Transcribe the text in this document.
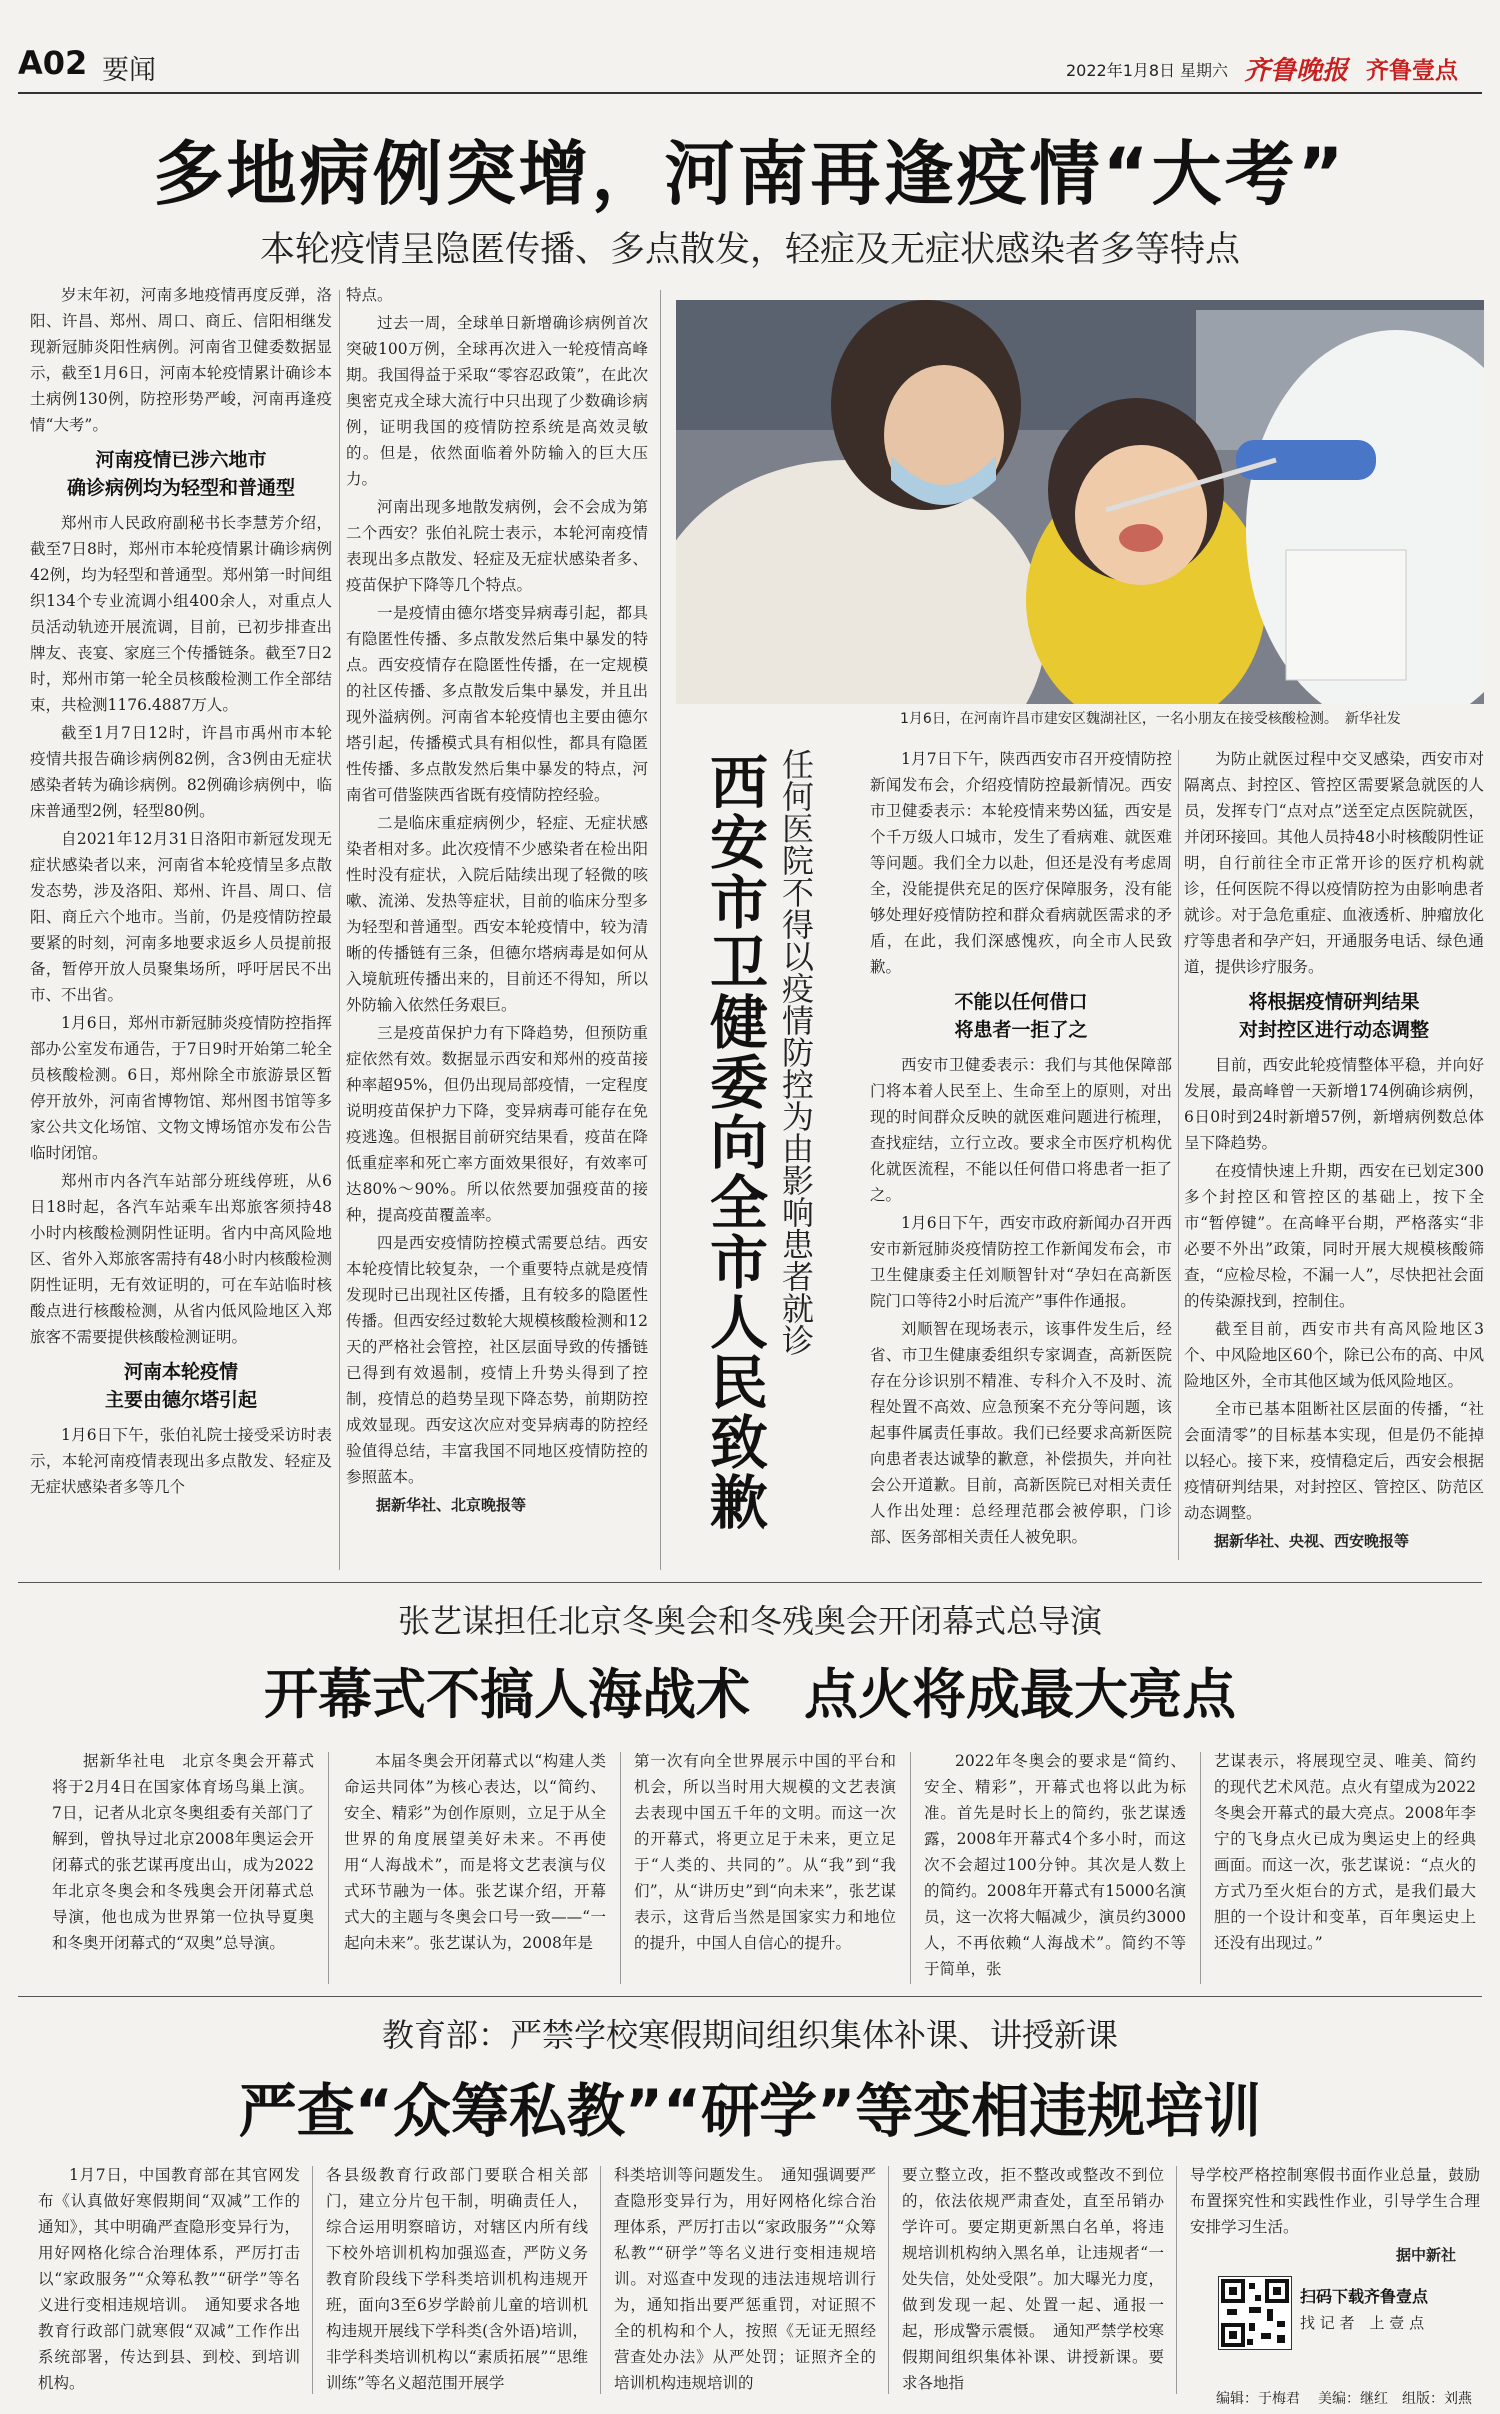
A02 要闻	2022年1月8日 星期六 齐鲁晚报 齐鲁壹点
多地病例突增，河南再逢疫情“大考”
本轮疫情呈隐匿传播、多点散发，轻症及无症状感染者多等特点

岁末年初，河南多地疫情再度反弹，洛阳、许昌、郑州、周口、商丘、信阳相继发现新冠肺炎阳性病例。河南省卫健委数据显示，截至1月6日，河南本轮疫情累计确诊本土病例130例，防控形势严峻，河南再逢疫情“大考”。

河南疫情已涉六地市
确诊病例均为轻型和普通型

郑州市人民政府副秘书长李慧芳介绍，截至7日8时，郑州市本轮疫情累计确诊病例42例，均为轻型和普通型。郑州第一时间组织134个专业流调小组400余人，对重点人员活动轨迹开展流调，目前，已初步排查出牌友、丧宴、家庭三个传播链条。截至7日2时，郑州市第一轮全员核酸检测工作全部结束，共检测1176.4887万人。

截至1月7日12时，许昌市禹州市本轮疫情共报告确诊病例82例，含3例由无症状感染者转为确诊病例。82例确诊病例中，临床普通型2例，轻型80例。

自2021年12月31日洛阳市新冠发现无症状感染者以来，河南省本轮疫情呈多点散发态势，涉及洛阳、郑州、许昌、周口、信阳、商丘六个地市。当前，仍是疫情防控最要紧的时刻，河南多地要求返乡人员提前报备，暂停开放人员聚集场所，呼吁居民不出市、不出省。

1月6日，郑州市新冠肺炎疫情防控指挥部办公室发布通告，于7日9时开始第二轮全员核酸检测。6日，郑州除全市旅游景区暂停开放外，河南省博物馆、郑州图书馆等多家公共文化场馆、文物文博场馆亦发布公告临时闭馆。

郑州市内各汽车站部分班线停班，从6日18时起，各汽车站乘车出郑旅客须持48小时内核酸检测阴性证明。省内中高风险地区、省外入郑旅客需持有48小时内核酸检测阴性证明，无有效证明的，可在车站临时核酸点进行核酸检测，从省内低风险地区入郑旅客不需要提供核酸检测证明。

河南本轮疫情
主要由德尔塔引起

1月6日下午，张伯礼院士接受采访时表示，本轮河南疫情表现出多点散发、轻症及无症状感染者多等几个

特点。

过去一周，全球单日新增确诊病例首次突破100万例，全球再次进入一轮疫情高峰期。我国得益于采取“零容忍政策”，在此次奥密克戎全球大流行中只出现了少数确诊病例，证明我国的疫情防控系统是高效灵敏的。但是，依然面临着外防输入的巨大压力。

河南出现多地散发病例，会不会成为第二个西安？张伯礼院士表示，本轮河南疫情表现出多点散发、轻症及无症状感染者多、疫苗保护下降等几个特点。

一是疫情由德尔塔变异病毒引起，都具有隐匿性传播、多点散发然后集中暴发的特点。西安疫情存在隐匿性传播，在一定规模的社区传播、多点散发后集中暴发，并且出现外溢病例。河南省本轮疫情也主要由德尔塔引起，传播模式具有相似性，都具有隐匿性传播、多点散发然后集中暴发的特点，河南省可借鉴陕西省既有疫情防控经验。

二是临床重症病例少，轻症、无症状感染者相对多。此次疫情不少感染者在检出阳性时没有症状，入院后陆续出现了轻微的咳嗽、流涕、发热等症状，目前的临床分型多为轻型和普通型。西安本轮疫情中，较为清晰的传播链有三条，但德尔塔病毒是如何从入境航班传播出来的，目前还不得知，所以外防输入依然任务艰巨。

三是疫苗保护力有下降趋势，但预防重症依然有效。数据显示西安和郑州的疫苗接种率超95%，但仍出现局部疫情，一定程度说明疫苗保护力下降，变异病毒可能存在免疫逃逸。但根据目前研究结果看，疫苗在降低重症率和死亡率方面效果很好，有效率可达80%～90%。所以依然要加强疫苗的接种，提高疫苗覆盖率。

四是西安疫情防控模式需要总结。西安本轮疫情比较复杂，一个重要特点就是疫情发现时已出现社区传播，且有较多的隐匿性传播。但西安经过数轮大规模核酸检测和12天的严格社会管控，社区层面导致的传播链已得到有效遏制，疫情上升势头得到了控制，疫情总的趋势呈现下降态势，前期防控成效显现。西安这次应对变异病毒的防控经验值得总结，丰富我国不同地区疫情防控的参照蓝本。

据新华社、北京晚报等
1月6日，在河南许昌市建安区魏湖社区，一名小朋友在接受核酸检测。　新华社发
西安市卫健委向全市人民致歉 任何医院不得以疫情防控为由影响患者就诊	1月7日下午，陕西西安市召开疫情防控新闻发布会，介绍疫情防控最新情况。西安市卫健委表示：本轮疫情来势凶猛，西安是个千万级人口城市，发生了看病难、就医难等问题。我们全力以赴，但还是没有考虑周全，没能提供充足的医疗保障服务，没有能够处理好疫情防控和群众看病就医需求的矛盾，在此，我们深感愧疚，向全市人民致歉。

不能以任何借口
将患者一拒了之

西安市卫健委表示：我们与其他保障部门将本着人民至上、生命至上的原则，对出现的时间群众反映的就医难问题进行梳理，查找症结，立行立改。要求全市医疗机构优化就医流程，不能以任何借口将患者一拒了之。

1月6日下午，西安市政府新闻办召开西安市新冠肺炎疫情防控工作新闻发布会，市卫生健康委主任刘顺智针对“孕妇在高新医院门口等待2小时后流产”事件作通报。

刘顺智在现场表示，该事件发生后，经省、市卫生健康委组织专家调查，高新医院存在分诊识别不精准、专科介入不及时、流程处置不高效、应急预案不充分等问题，该起事件属责任事故。我们已经要求高新医院向患者表达诚挚的歉意，补偿损失，并向社会公开道歉。目前，高新医院已对相关责任人作出处理：总经理范郡会被停职，门诊部、医务部相关责任人被免职。

为防止就医过程中交叉感染，西安市对隔离点、封控区、管控区需要紧急就医的人员，发挥专门“点对点”送至定点医院就医，并闭环接回。其他人员持48小时核酸阴性证明，自行前往全市正常开诊的医疗机构就诊，任何医院不得以疫情防控为由影响患者就诊。对于急危重症、血液透析、肿瘤放化疗等患者和孕产妇，开通服务电话、绿色通道，提供诊疗服务。

将根据疫情研判结果
对封控区进行动态调整

目前，西安此轮疫情整体平稳，并向好发展，最高峰曾一天新增174例确诊病例，6日0时到24时新增57例，新增病例数总体呈下降趋势。

在疫情快速上升期，西安在已划定300多个封控区和管控区的基础上，按下全市“暂停键”。在高峰平台期，严格落实“非必要不外出”政策，同时开展大规模核酸筛查，“应检尽检，不漏一人”，尽快把社会面的传染源找到，控制住。

截至目前，西安市共有高风险地区3个、中风险地区60个，除已公布的高、中风险地区外，全市其他区域为低风险地区。

全市已基本阻断社区层面的传播，“社会面清零”的目标基本实现，但是仍不能掉以轻心。接下来，疫情稳定后，西安会根据疫情研判结果，对封控区、管控区、防范区动态调整。

据新华社、央视、西安晚报等
张艺谋担任北京冬奥会和冬残奥会开闭幕式总导演
开幕式不搞人海战术　点火将成最大亮点

据新华社电　北京冬奥会开幕式将于2月4日在国家体育场鸟巢上演。7日，记者从北京冬奥组委有关部门了解到，曾执导过北京2008年奥运会开闭幕式的张艺谋再度出山，成为2022年北京冬奥会和冬残奥会开闭幕式总导演，他也成为世界第一位执导夏奥和冬奥开闭幕式的“双奥”总导演。

本届冬奥会开闭幕式以“构建人类命运共同体”为核心表达，以“简约、安全、精彩”为创作原则，立足于从全世界的角度展望美好未来。不再使用“人海战术”，而是将文艺表演与仪式环节融为一体。张艺谋介绍，开幕式大的主题与冬奥会口号一致——“一起向未来”。张艺谋认为，2008年是

第一次有向全世界展示中国的平台和机会，所以当时用大规模的文艺表演去表现中国五千年的文明。而这一次的开幕式，将更立足于未来，更立足于“人类的、共同的”。从“我”到“我们”，从“讲历史”到“向未来”，张艺谋表示，这背后当然是国家实力和地位的提升，中国人自信心的提升。

2022年冬奥会的要求是“简约、安全、精彩”，开幕式也将以此为标准。首先是时长上的简约，张艺谋透露，2008年开幕式4个多小时，而这次不会超过100分钟。其次是人数上的简约。2008年开幕式有15000名演员，这一次将大幅减少，演员约3000人，不再依赖“人海战术”。简约不等于简单，张

艺谋表示，将展现空灵、唯美、简约的现代艺术风范。点火有望成为2022冬奥会开幕式的最大亮点。2008年李宁的飞身点火已成为奥运史上的经典画面。而这一次，张艺谋说：“点火的方式乃至火炬台的方式，是我们最大胆的一个设计和变革，百年奥运史上还没有出现过。”

教育部：严禁学校寒假期间组织集体补课、讲授新课
严查“众筹私教”“研学”等变相违规培训

1月7日，中国教育部在其官网发布《认真做好寒假期间“双减”工作的通知》，其中明确严查隐形变异行为，用好网格化综合治理体系，严厉打击以“家政服务”“众筹私教”“研学”等名义进行变相违规培训。　通知要求各地教育行政部门就寒假“双减”工作作出系统部署，传达到县、到校、到培训机构。

各县级教育行政部门要联合相关部门，建立分片包干制，明确责任人，综合运用明察暗访，对辖区内所有线下校外培训机构加强巡查，严防义务教育阶段线下学科类培训机构违规开班，面向3至6岁学龄前儿童的培训机构违规开展线下学科类(含外语)培训，非学科类培训机构以“素质拓展”“思维训练”等名义超范围开展学

科类培训等问题发生。　通知强调要严查隐形变异行为，用好网格化综合治理体系，严厉打击以“家政服务”“众筹私教”“研学”等名义进行变相违规培训。对巡查中发现的违法违规培训行为，通知指出要严惩重罚，对证照不全的机构和个人，按照《无证无照经营查处办法》从严处罚；证照齐全的培训机构违规培训的

要立整立改，拒不整改或整改不到位的，依法依规严肃查处，直至吊销办学许可。要定期更新黑白名单，将违规培训机构纳入黑名单，让违规者“一处失信，处处受限”。加大曝光力度，做到发现一起、处置一起、通报一起，形成警示震慑。　通知严禁学校寒假期间组织集体补课、讲授新课。要求各地指

导学校严格控制寒假书面作业总量，鼓励布置探究性和实践性作业，引导学生合理安排学习生活。

据中新社
扫码下载齐鲁壹点
找 记 者　上 壹 点
编辑：于梅君 美编：继红 组版：刘燕
